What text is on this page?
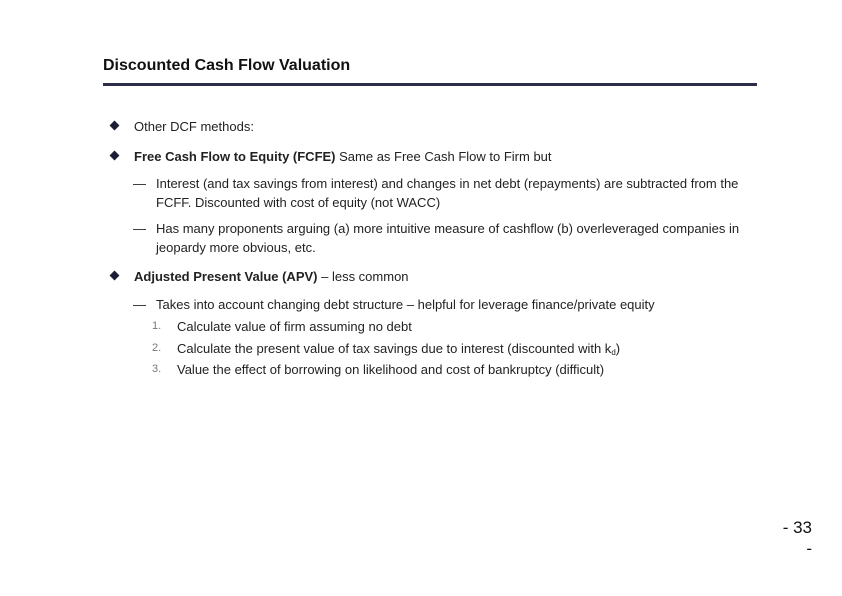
Discounted Cash Flow Valuation
Other DCF methods:
Free Cash Flow to Equity (FCFE) Same as Free Cash Flow to Firm but
— Interest (and tax savings from interest) and changes in net debt (repayments) are subtracted from the
FCFF. Discounted with cost of equity (not WACC)
— Has many proponents arguing (a) more intuitive measure of cashflow (b) overleveraged companies in
jeopardy more obvious, etc.
Adjusted Present Value (APV) – less common
— Takes into account changing debt structure – helpful for leverage finance/private equity
1. Calculate value of firm assuming no debt
2. Calculate the present value of tax savings due to interest (discounted with kd)
3. Value the effect of borrowing on likelihood and cost of bankruptcy (difficult)
- 33
-
